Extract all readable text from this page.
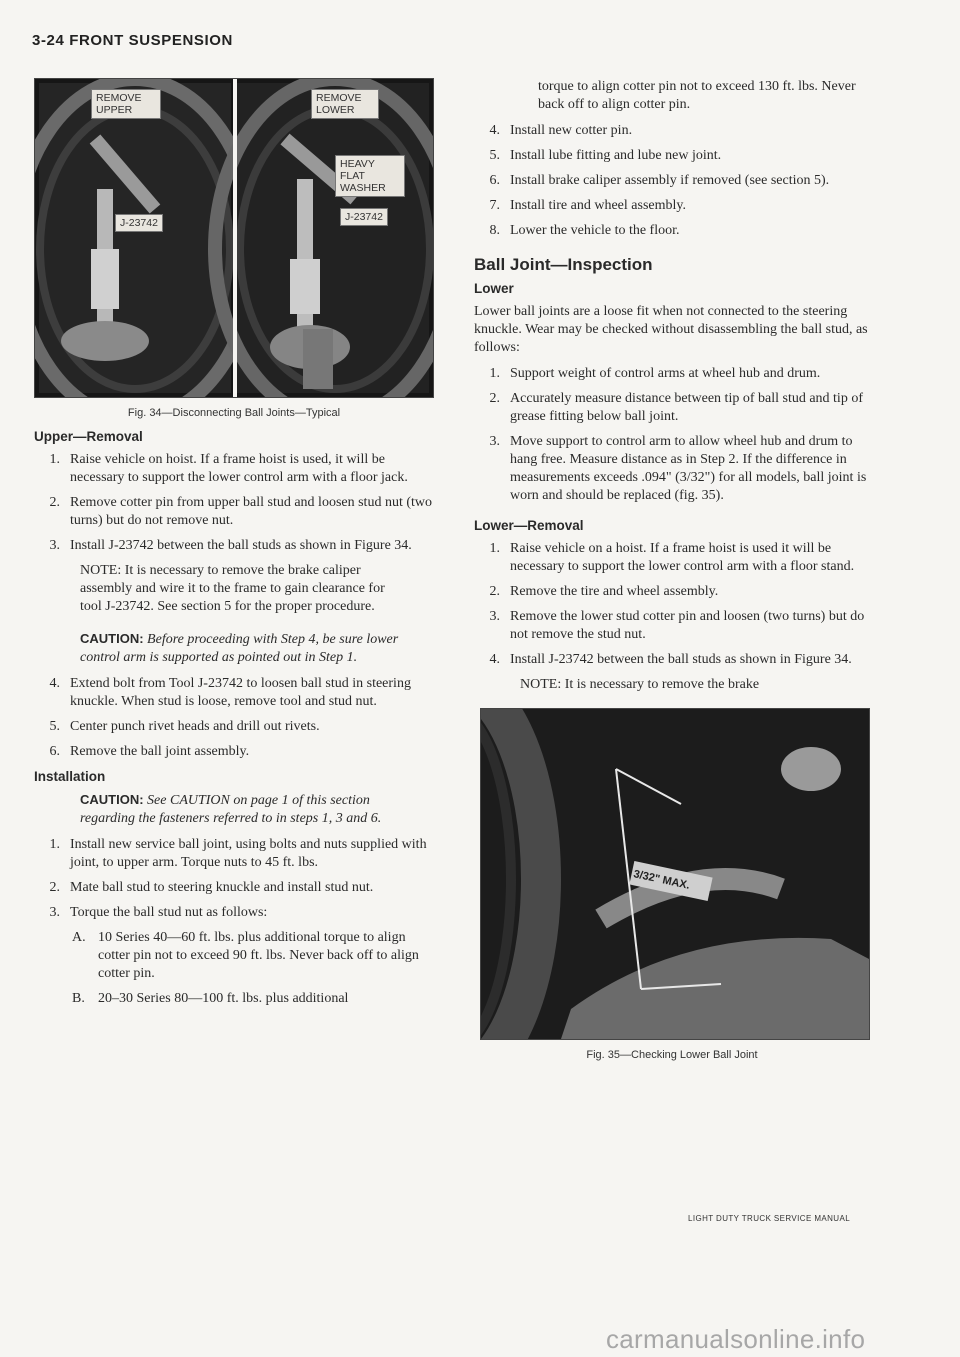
3-24 FRONT SUSPENSION
REMOVE UPPER
REMOVE LOWER
J-23742
HEAVY FLAT WASHER
J-23742
Fig. 34—Disconnecting Ball Joints—Typical
Upper—Removal
1. Raise vehicle on hoist. If a frame hoist is used, it will be necessary to support the lower control arm with a floor jack.
2. Remove cotter pin from upper ball stud and loosen stud nut (two turns) but do not remove nut.
3. Install J-23742 between the ball studs as shown in Figure 34.
NOTE: It is necessary to remove the brake caliper assembly and wire it to the frame to gain clearance for tool J-23742. See section 5 for the proper procedure.
CAUTION: Before proceeding with Step 4, be sure lower control arm is supported as pointed out in Step 1.
4. Extend bolt from Tool J-23742 to loosen ball stud in steering knuckle. When stud is loose, remove tool and stud nut.
5. Center punch rivet heads and drill out rivets.
6. Remove the ball joint assembly.
Installation
CAUTION: See CAUTION on page 1 of this section regarding the fasteners referred to in steps 1, 3 and 6.
1. Install new service ball joint, using bolts and nuts supplied with joint, to upper arm. Torque nuts to 45 ft. lbs.
2. Mate ball stud to steering knuckle and install stud nut.
3. Torque the ball stud nut as follows:
A. 10 Series 40—60 ft. lbs. plus additional torque to align cotter pin not to exceed 90 ft. lbs. Never back off to align cotter pin.
B. 20–30 Series 80—100 ft. lbs. plus additional
torque to align cotter pin not to exceed 130 ft. lbs. Never back off to align cotter pin.
4. Install new cotter pin.
5. Install lube fitting and lube new joint.
6. Install brake caliper assembly if removed (see section 5).
7. Install tire and wheel assembly.
8. Lower the vehicle to the floor.
Ball Joint—Inspection
Lower

Lower ball joints are a loose fit when not connected to the steering knuckle. Wear may be checked without disassembling the ball stud, as follows:

1. Support weight of control arms at wheel hub and drum.
2. Accurately measure distance between tip of ball stud and tip of grease fitting below ball joint.
3. Move support to control arm to allow wheel hub and drum to hang free. Measure distance as in Step 2. If the difference in measurements exceeds .094" (3/32") for all models, ball joint is worn and should be replaced (fig. 35).
Lower—Removal
1. Raise vehicle on a hoist. If a frame hoist is used it will be necessary to support the lower control arm with a floor stand.
2. Remove the tire and wheel assembly.
3. Remove the lower stud cotter pin and loosen (two turns) but do not remove the stud nut.
4. Install J-23742 between the ball studs as shown in Figure 34.
NOTE: It is necessary to remove the brake
3/32" MAX.
Fig. 35—Checking Lower Ball Joint
LIGHT DUTY TRUCK SERVICE MANUAL
carmanualsonline.info
